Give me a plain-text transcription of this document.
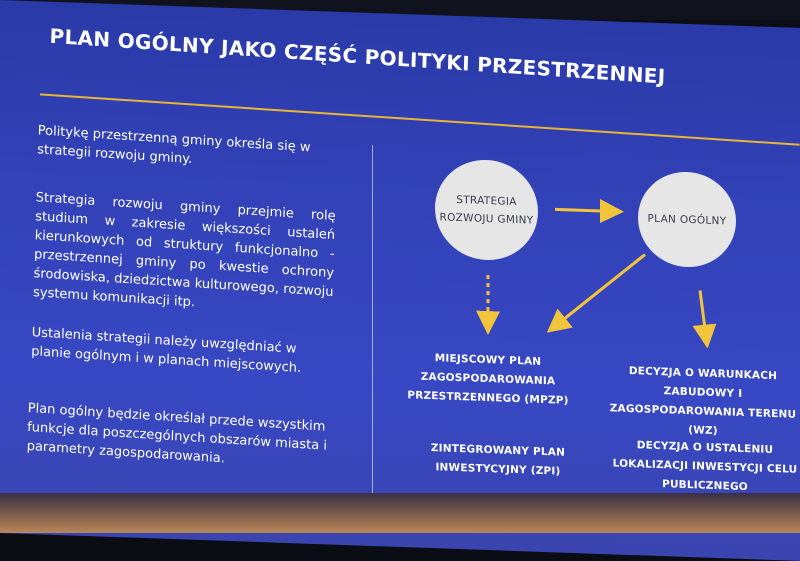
PLAN OGÓLNY JAKO CZĘŚĆ POLITYKI PRZESTRZENNEJ
Politykę przestrzenną gminy określa się w strategii rozwoju gminy.
Strategia rozwoju gminy przejmie rolę studium w zakresie większości ustaleń kierunkowych od struktury funkcjonalno - przestrzennej gminy po kwestie ochrony środowiska, dziedzictwa kulturowego, rozwoju systemu komunikacji itp.
Ustalenia strategii należy uwzględniać w planie ogólnym i w planach miejscowych.
Plan ogólny będzie określał przede wszystkim funkcje dla poszczególnych obszarów miasta i parametry zagospodarowania.
STRATEGIA ROZWOJU GMINY	PLAN OGÓLNY
MIEJSCOWY PLAN ZAGOSPODAROWANIA PRZESTRZENNEGO (MPZP)
DECYZJA O WARUNKACH ZABUDOWY I ZAGOSPODAROWANIA TERENU (WZ)
ZINTEGROWANY PLAN INWESTYCYJNY (ZPI)
DECYZJA O USTALENIU LOKALIZACJI INWESTYCJI CELU PUBLICZNEGO
